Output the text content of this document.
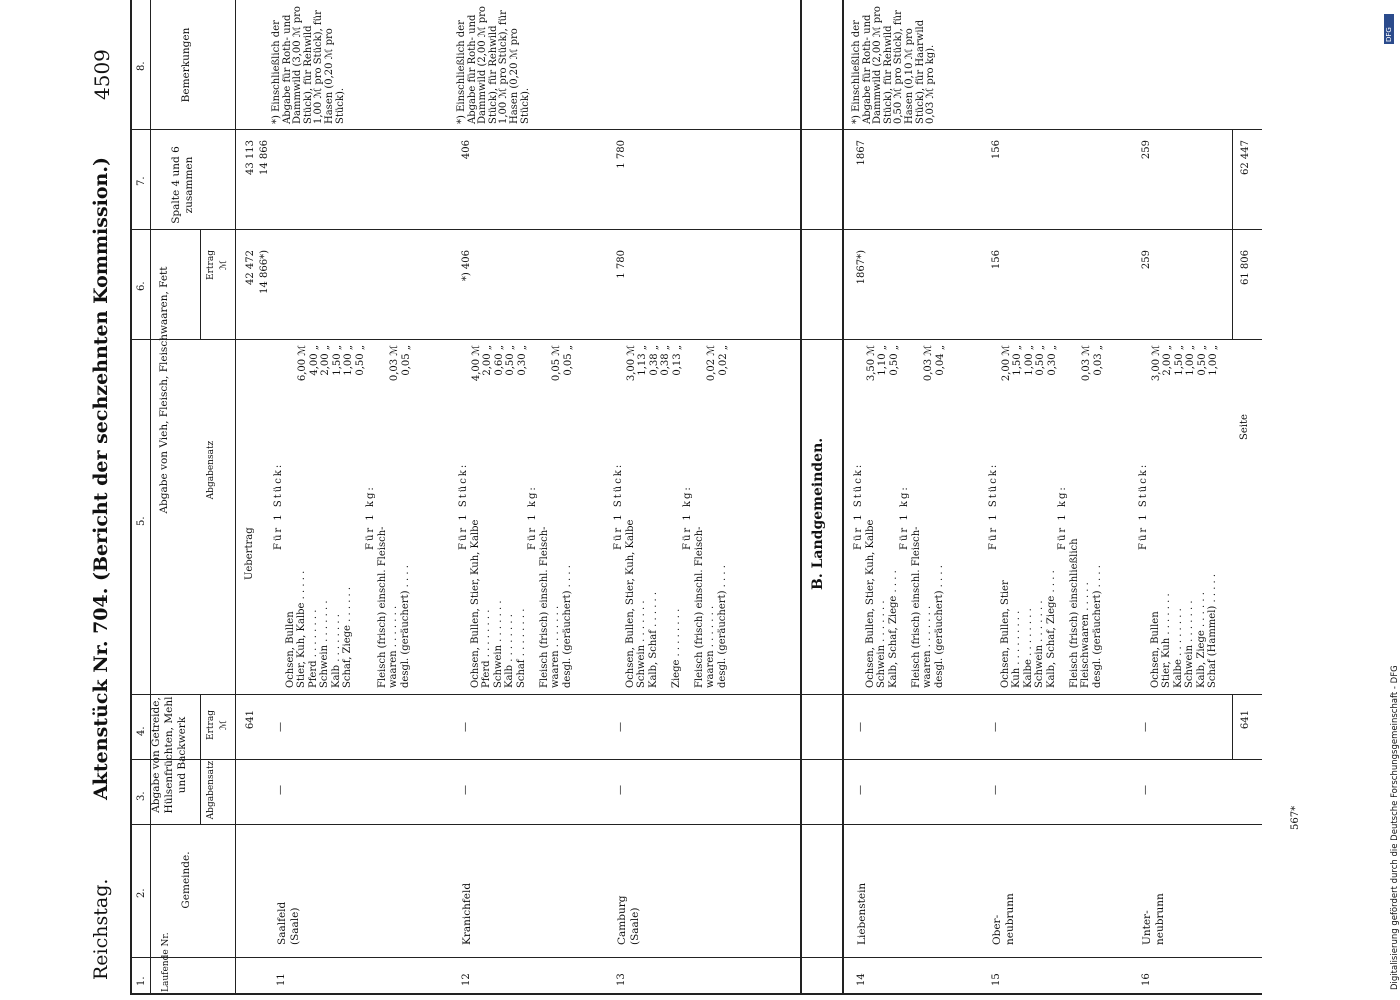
Reichstag.
Aktenstück Nr. 704. (Bericht der sechzehnten Kommission.)
4509
Laufende Nr.
Gemeinde.
Abgabe von Getreide, Hülsenfrüchten, Mehl und Backwerk Abgabensatz
Ertrag ℳ
Abgabe von Vieh, Fleisch, Fleischwaaren, Fett	Abgabensatz
Ertrag ℳ
Spalte 4 und 6 zusammen
Bemerkungen
1.
2.
3.
4.
5.
6.
7.
8.
Uebertrag
641
42 472 14 866*)
43 113 14 866
B. Landgemeinden.
11
Saalfeld (Saale)
—
—
Für 1 Stück:
Ochsen, Bullen Stier, Kuh, Kalbe . . . . .
6,00 ℳ
Pferd . . . . . . . .
4,00 „
Schwein . . . . . . .
2,00 „
Kalb . . . . . . . .
1,50 „
Schaf, Ziege . . . . . .
1,00 „ 0,50 „
Für 1 kg:
Fleisch (frisch) einschl. Fleisch- waaren . . . . . . .
0,03 ℳ
desgl. (geräuchert) . . . .
0,05 „
*) Einschließlich der Abgabe für Roth- und Dammwild (3,00 ℳ pro Stück), für Rehwild 1,00 ℳ pro Stück), für Hasen (0,20 ℳ pro Stück).
12
Kranichfeld
—
—
Für 1 Stück:
Ochsen, Bullen, Stier, Kuh, Kalbe
4,00 ℳ
Pferd . . . . . . . .
2,00 „
Schwein . . . . . . .
0,60 „
Kalb . . . . . . . .
0,50 „
Schaf . . . . . . . .
0,30 „
Für 1 kg:
Fleisch (frisch) einschl. Fleisch- waaren . . . . . . .
0,05 ℳ
desgl. (geräuchert) . . . .
0,05 „
*) 406
406
*) Einschließlich der Abgabe für Roth- und Dammwild (2,00 ℳ pro Stück), für Rehwild 1,00 ℳ pro Stück), für Hasen (0,20 ℳ pro Stück).
13
Camburg (Saale)
—
—
Für 1 Stück:
Ochsen, Bullen, Stier, Kuh, Kalbe
3,00 ℳ
Schwein . . . . . . .
1,13 „
Kalb, Schaf . . . . . .
0,38 „ 0,38 „
Ziege . . . . . . . .
0,13 „
Für 1 kg:
Fleisch (frisch) einschl. Fleisch- waaren . . . . . . .
0,02 ℳ
desgl. (geräuchert) . . . .
0,02 „
1 780
1 780
14
Liebenstein
—
—
Für 1 Stück:
Ochsen, Bullen, Stier, Kuh, Kalbe
3,50 ℳ
Schwein . . . . . . .
1,10 „
Kalb, Schaf, Ziege . . . .
0,50 „
Für 1 kg:
Fleisch (frisch) einschl. Fleisch- waaren . . . . . . .
0,03 ℳ
desgl. (geräuchert) . . . .
0,04 „
1867*)
1867
*) Einschließlich der Abgabe für Roth- und Dammwild (2,00 ℳ pro Stück), für Rehwild 0,50 ℳ pro Stück), für Hasen (0,10 ℳ pro Stück), für Haarwild 0,03 ℳ pro kg).
15
Ober- neubrunn
—
—
Für 1 Stück:
Ochsen, Bullen, Stier
2,00 ℳ
Kuh . . . . . . . . .
1,50 „
Kalbe . . . . . . . .
1,00 „
Schwein . . . . . . .
0,50 „
Kalb, Schaf, Ziege . . . .
0,30 „
Für 1 kg:
Fleisch (frisch) einschließlich Fleischwaaren . . . . .
0,03 ℳ
desgl. (geräuchert) . . . .
0,03 „
156
156
16
Unter- neubrunn
—
—
Für 1 Stück:
Ochsen, Bullen
3,00 ℳ
Stier, Kuh . . . . . . .
2,00 „
Kalbe . . . . . . . .
1,50 „
Schwein . . . . . . .
1,00 „
Kalb, Ziege . . . . . .
0,50 „
Schaf (Hammel) . . . . .
1,00 „
259
259
Seite
641
61 806
62 447
DFG
Digitalisierung gefördert durch die Deutsche Forschungsgemeinschaft - DFG
567*
